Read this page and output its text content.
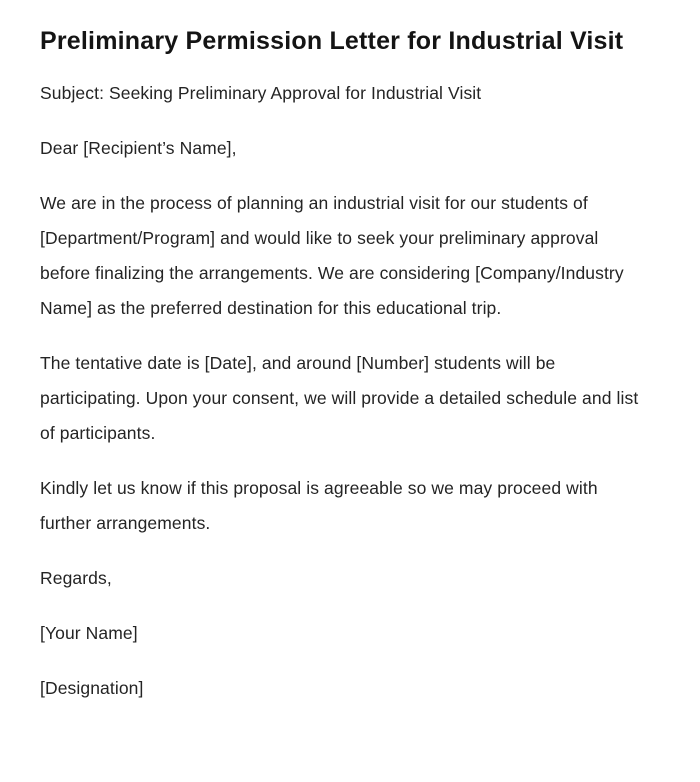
Preliminary Permission Letter for Industrial Visit

Subject: Seeking Preliminary Approval for Industrial Visit

Dear [Recipient’s Name],

We are in the process of planning an industrial visit for our students of [Department/Program] and would like to seek your preliminary approval before finalizing the arrangements. We are considering [Company/Industry Name] as the preferred destination for this educational trip.

The tentative date is [Date], and around [Number] students will be participating. Upon your consent, we will provide a detailed schedule and list of participants.

Kindly let us know if this proposal is agreeable so we may proceed with further arrangements.

Regards,

[Your Name]

[Designation]
